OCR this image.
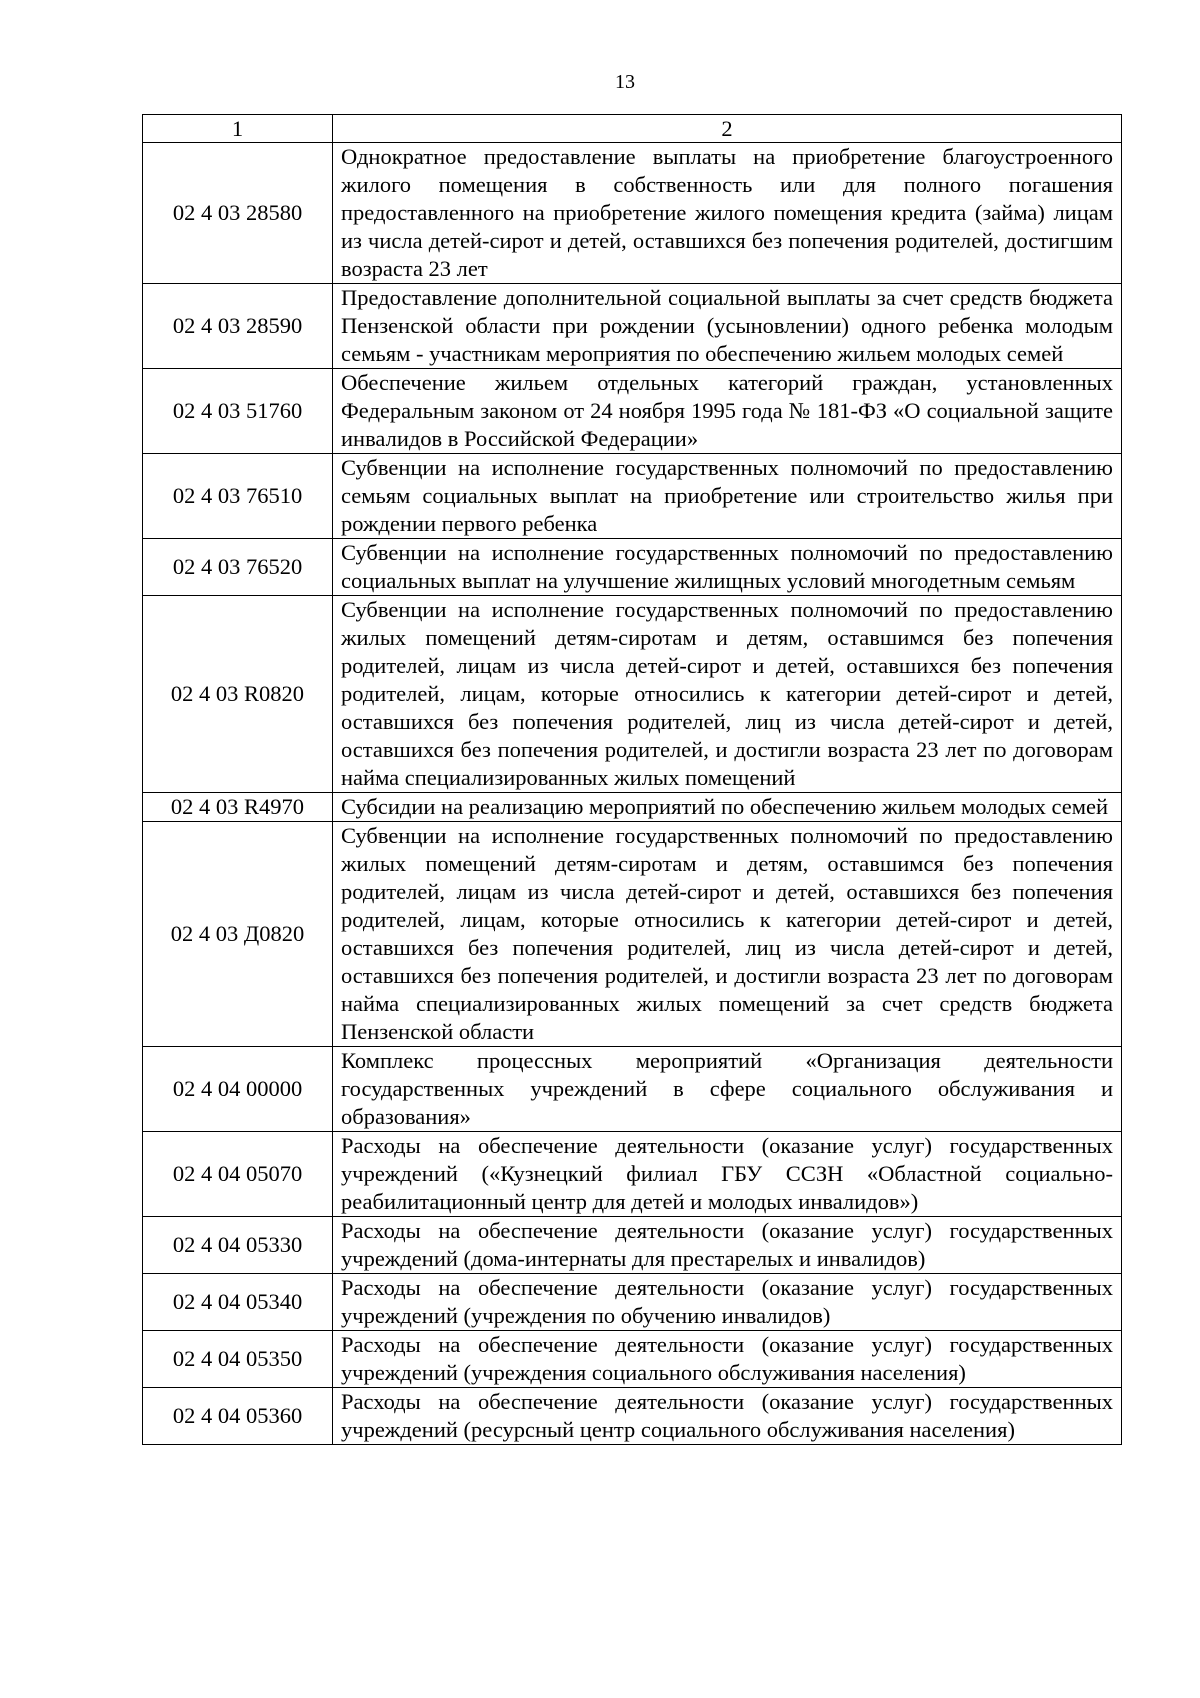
13
1	2
02 4 03 28580	Однократное предоставление выплаты на приобретение благоустроенного жилого помещения в собственность или для полного погашения предоставленного на приобретение жилого помещения кредита (займа) лицам из числа детей-сирот и детей, оставшихся без попечения родителей, достигшим возраста 23 лет
02 4 03 28590	Предоставление дополнительной социальной выплаты за счет средств бюджета Пензенской области при рождении (усыновлении) одного ребенка молодым семьям - участникам мероприятия по обеспечению жильем молодых семей
02 4 03 51760	Обеспечение жильем отдельных категорий граждан, установленных Федеральным законом от 24 ноября 1995 года № 181-ФЗ «О социальной защите инвалидов в Российской Федерации»
02 4 03 76510	Субвенции на исполнение государственных полномочий по предоставлению семьям социальных выплат на приобретение или строительство жилья при рождении первого ребенка
02 4 03 76520	Субвенции на исполнение государственных полномочий по предоставлению социальных выплат на улучшение жилищных условий многодетным семьям
02 4 03 R0820	Субвенции на исполнение государственных полномочий по предоставлению жилых помещений детям-сиротам и детям, оставшимся без попечения родителей, лицам из числа детей-сирот и детей, оставшихся без попечения родителей, лицам, которые относились к категории детей-сирот и детей, оставшихся без попечения родителей, лиц из числа детей-сирот и детей, оставшихся без попечения родителей, и достигли возраста 23 лет по договорам найма специализированных жилых помещений
02 4 03 R4970	Субсидии на реализацию мероприятий по обеспечению жильем молодых семей
02 4 03 Д0820	Субвенции на исполнение государственных полномочий по предоставлению жилых помещений детям-сиротам и детям, оставшимся без попечения родителей, лицам из числа детей-сирот и детей, оставшихся без попечения родителей, лицам, которые относились к категории детей-сирот и детей, оставшихся без попечения родителей, лиц из числа детей-сирот и детей, оставшихся без попечения родителей, и достигли возраста 23 лет по договорам найма специализированных жилых помещений за счет средств бюджета Пензенской области
02 4 04 00000	Комплекс процессных мероприятий «Организация деятельности государственных учреждений в сфере социального обслуживания и образования»
02 4 04 05070	Расходы на обеспечение деятельности (оказание услуг) государственных учреждений («Кузнецкий филиал ГБУ ССЗН «Областной социально-реабилитационный центр для детей и молодых инвалидов»)
02 4 04 05330	Расходы на обеспечение деятельности (оказание услуг) государственных учреждений (дома-интернаты для престарелых и инвалидов)
02 4 04 05340	Расходы на обеспечение деятельности (оказание услуг) государственных учреждений (учреждения по обучению инвалидов)
02 4 04 05350	Расходы на обеспечение деятельности (оказание услуг) государственных учреждений (учреждения социального обслуживания населения)
02 4 04 05360	Расходы на обеспечение деятельности (оказание услуг) государственных учреждений (ресурсный центр социального обслуживания населения)
